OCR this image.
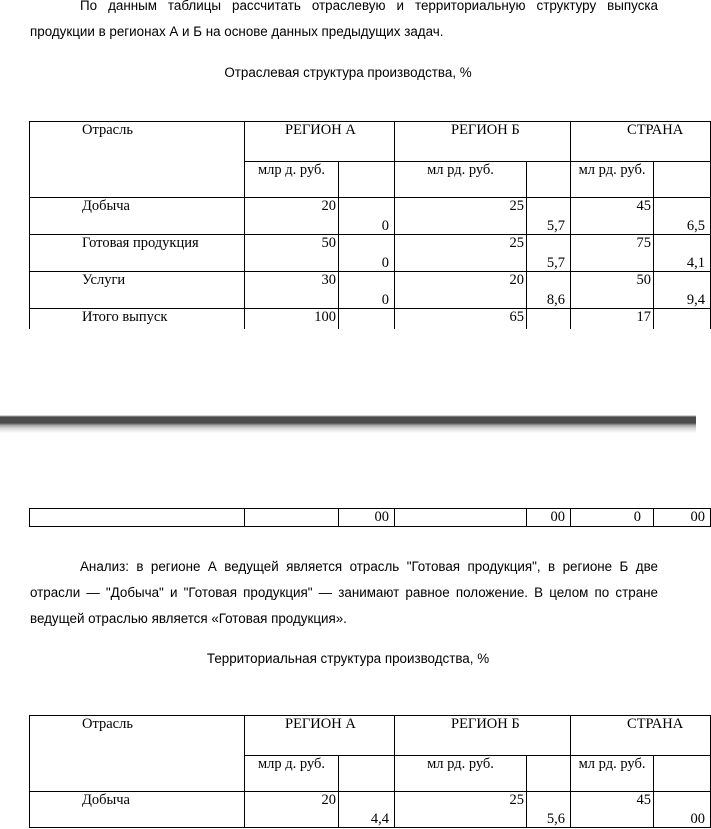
По данным таблицы рассчитать отраслевую и территориальную структуру выпуска продукции в регионах А и Б на основе данных предыдущих задач.

Отраслевая структура производства, %

Отрасль	РЕГИОН А		РЕГИОН Б		СТРАНА	
	млр д. руб.		мл рд. руб.		мл рд. руб.	
Добыча	20	0	25	5,7	45	6,5
Готовая продукция	50	0	25	5,7	75	4,1
Услуги	30	0	20	8,6	50	9,4
Итого выпуск	100		65		17	
		00		00	0	00

Анализ: в регионе А ведущей является отрасль "Готовая продукция", в регионе Б две отрасли — "Добыча" и "Готовая продукция" — занимают равное положение. В целом по стране ведущей отраслью является «Готовая продукция».

Территориальная структура производства, %

Отрасль	РЕГИОН А		РЕГИОН Б		СТРАНА	
	млр д. руб.		мл рд. руб.		мл рд. руб.	
Добыча	20	4,4	25	5,6	45	00
